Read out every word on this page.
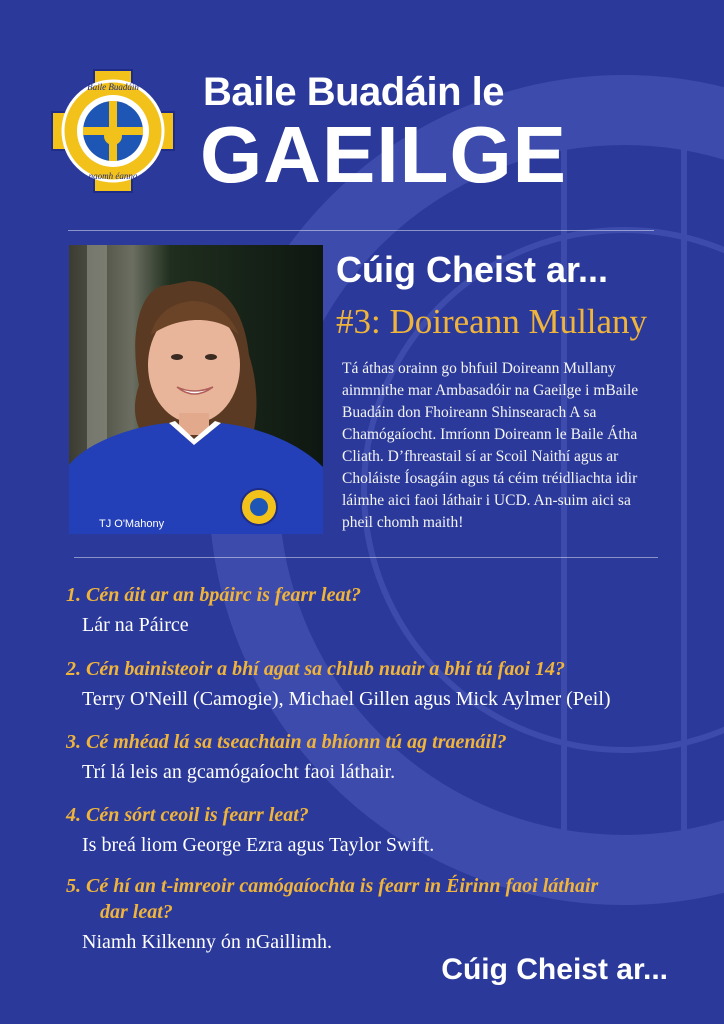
Baile Buadáin
naomh éanna
Baile Buadáin le
GAEILGE
TJ O'Mahony
Cúig Cheist ar...
#3: Doireann Mullany
Tá áthas orainn go bhfuil Doireann Mullany ainmnithe mar Ambasadóir na Gaeilge i mBaile Buadáin don Fhoireann Shinsearach A sa Chamógaíocht. Imríonn Doireann le Baile Átha Cliath. D’fhreastail sí ar Scoil Naithí agus ar Choláiste Íosagáin agus tá céim tréidliachta idir láimhe aici faoi láthair i UCD. An-suim aici sa pheil chomh maith!
1. Cén áit ar an bpáirc is fearr leat?
Lár na Páirce
2. Cén bainisteoir a bhí agat sa chlub nuair a bhí tú faoi 14?
Terry O'Neill (Camogie), Michael Gillen agus Mick Aylmer (Peil)
3. Cé mhéad lá sa tseachtain a bhíonn tú ag traenáil?
Trí lá leis an gcamógaíocht faoi láthair.
4. Cén sórt ceoil is fearr leat?
Is breá liom George Ezra agus Taylor Swift.
5. Cé hí an t-imreoir camógaíochta is fearr in Éirinn faoi láthair
dar leat?
Niamh Kilkenny ón nGaillimh.
Cúig Cheist ar...
